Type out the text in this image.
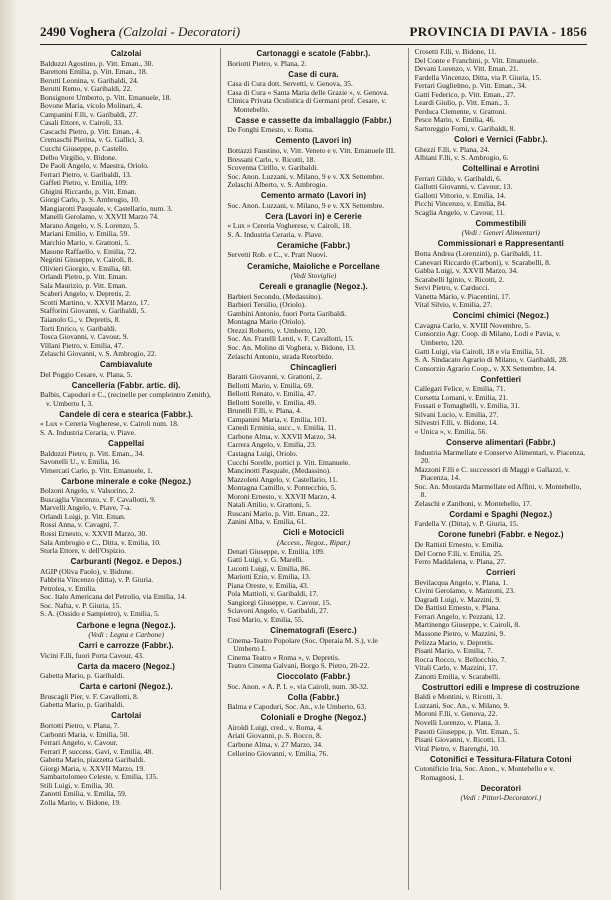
2490 Voghera (Calzolai - Decoratori)	PROVINCIA DI PAVIA - 1856
Calzolai
Balduzzi Agostino, p. Vitt. Eman., 30.
Barettoni Emilia, p. Vitt. Eman., 18.
Berutti Leonina, v. Garibaldi, 24.
Berutti Remo, v. Garibaldi, 22.
Bonsignore Umberto, p. Vitt. Emanuele, 18.
Bovone Maria, vicolo Molinari, 4.
Campanini F.lli, v. Garibaldi, 27.
Casali Ettore, v. Cairoli, 33.
Cascachi Pietro, p. Vitt. Eman., 4.
Cremaschi Pierina, v. G. Gallici, 3.
Cucchi Giuseppe, p. Castello.
Delbo Virgilio, v. Bidone.
De Paoli Angelo, v. Maestra, Oriolo.
Ferrari Pietro, v. Garibaldi, 13.
Gaffeti Pietro, v. Emilia, 109.
Ghigini Riccardo, p. Vitt. Eman.
Giorgi Carlo, p. S. Ambrogio, 10.
Mangiarotti Pasquale, v. Castellario, num. 3.
Manelli Gerolamo, v. XXVII Marzo 74.
Marano Angelo, v. S. Lorenzo, 5.
Mariani Emilio, v. Emilia, 59.
Marchio Mario, v. Grattoni, 5.
Masone Raffaello, v. Emilia, 72.
Negrini Giuseppe, v. Cairoli, 8.
Olivieri Giorgio, v. Emilia, 60.
Orlandi Pietro, p. Vitt. Eman.
Sala Maurizio, p. Vitt. Eman.
Scaberi Angelo, v. Depretis, 2.
Scotti Martino, v. XXVII Marzo, 17.
Stafforini Giovanni, v. Garibaldi, 5.
Taianolo G., v. Depretis, 8.
Torti Enrico, v. Garibaldi.
Tosca Giovanni, v. Cavour, 9.
Villani Pietro, v. Emilia, 47.
Zelaschi Giovanni, v. S. Ambrogio, 22.
Cambiavalute
Del Poggio Cesare, v. Plana, 5.
Cancelleria (Fabbr. artic. di).
Balbis, Capoduri e C., (recinelle per compleintro Zenith), v. Umberto I, 3.
Candele di cera e stearica (Fabbr.).
« Lux » Cereria Vogherese, v. Cairoli num. 18.
S. A. Industria Ceraria, v. Piave.
Cappellai
Balduzzi Pietro, p. Vitt. Eman., 34.
Savonelli U., v. Emilia, 16.
Vimercati Carlo, p. Vitt. Emanuele, 1.
Carbone minerale e coke (Negoz.)
Bolzoni Angelo, v. Valsorino, 2.
Buscaglia Vincenzo, v. F. Cavallotti, 9.
Marvelli Angelo, v. Piave, 7-a.
Orlandi Luigi, p. Vitt. Eman.
Rossi Anna, v. Cavagni, 7.
Rossi Ernesto, v. XXVII Marzo, 30.
Sala Ambrogio e C., Ditta, v. Emilia, 10.
Sturla Ettore, v. dell'Ospizio.
Carburanti (Negoz. e Depos.)
AGIP (Oliva Paolo), v. Bidone.
Fabbrita Vincenzo (ditta), v. P. Giuria.
Petrolea, v. Emilia.
Soc. Italo Americana del Petrolio, via Emilia, 14.
Soc. Nafta, v. P. Giuria, 15.
S. A. (Ossido e Sampietro), v. Emilia, 5.
Carbone e legna (Negoz.).
(Vedi : Legna e Carbone)
Carri e carrozze (Fabbr.).
Vicini F.lli, fuori Porta Cavour, 43.
Carta da macero (Negoz.)
Gabetta Mario, p. Garibaldi.
Carta e cartoni (Negoz.).
Bruscagli Pier, v. F. Cavallotti, 8.
Gabetta Mario, p. Garibaldi.
Cartolai
Bortotti Pietro, v. Plana, 7.
Carbonti Maria, v. Emilia, 50.
Ferrari Angelo, v. Cavour.
Ferrari P. success. Gavi, v. Emilia, 48.
Gabetta Mario, piazzetta Garibaldi.
Giorgi Maria, v. XXVII Marzo, 19.
Sambartolomeo Celeste, v. Emilia, 135.
Stili Luigi, v. Emilia, 30.
Zanotti Emilia, v. Emilia, 59.
Zolla Mario, v. Bidone, 19.
Cartonaggi e scatole (Fabbr.).
Boriotti Pietro, v. Plana, 2.
Case di cura.
Casa di Cura dott. Servetti, v. Genova, 35.
Casa di Cura « Santa Maria delle Grazie », v. Genova.
Clinica Privata Oculistica di Germani prof. Cesare, v. Montebello.
Casse e cassette da imballaggio (Fabbr.)
De Fonghi Ernesto, v. Roma.
Cemento (Lavori in)
Bottazzi Faustino, v. Vitt. Veneto e v. Vitt. Emanuele III.
Bressani Carlo, v. Ricotti, 18.
Scovenna Cirillo, v. Garibaldi.
Soc. Anon. Luzzani, v. Milano, 9 e v. XX Settembre.
Zelaschi Alberto, v. S. Ambrogio.
Cemento armato (Lavori in)
Soc. Anon. Luzzani, v. Milano, 9 e v. XX Settembre.
Cera (Lavori in) e Cererie
« Lux » Cereria Vogherese, v. Cairoli, 18.
S. A. Industria Ceraria, v. Piave.
Ceramiche (Fabbr.)
Servetti Rob. e C., v. Pratt Nuovi.
Ceramiche, Maioliche e Porcellane
(Vedi Stoviglie)
Cereali e granaglie (Negoz.).
Barbieri Secondo, (Medassino).
Barbieri Tersilio, (Oriolo).
Gambini Antonio, fuori Porta Garibaldi.
Montagna Mario (Oriolo).
Orezzi Roberto, v. Umberto, 120.
Soc. An. Fratelli Lenti, v. F. Cavallotti, 15.
Soc. An. Molino di Voghera, v. Bidone, 13.
Zelaschi Antonio, strada Retorbido.
Chincaglieri
Baratti Giovanni, v. Grattoni, 2.
Bellotti Mario, v. Emilia, 69.
Bellotti Renato, v. Emilia, 47.
Bellotti Sorelle, v. Emilia, 49.
Brunelli F.lli, v. Plana, 4.
Campanini Maria, v. Emilia, 101.
Canedi Erminia, succ., v. Emilia, 11.
Carbone Alma, v. XXVII Marzo, 34.
Carrera Angelo, v. Emilia, 23.
Castagna Luigi, Oriolo.
Cucchi Sorelle, portici p. Vitt. Emanuele.
Mancinotti Pasquale, (Medassino).
Mazzoleni Angelo, v. Castellario, 11.
Montagna Camillo, v. Pontecchio, 5.
Moroni Ernesto, v. XXVII Marzo, 4.
Natali Attilio, v. Grattoni, 5.
Ruscani Mario, p. Vitt. Eman., 22.
Zanini Alba, v. Emilia, 61.
Cicli e Motocicli
(Access., Negoz., Ripar.)
Denari Giuseppe, v. Emilia, 109.
Gatti Luigi, v. G. Marelli.
Lucotti Luigi, v. Emilia, 86.
Mariotti Ezio, v. Emilia, 13.
Piana Oreste, v. Emilia, 43.
Pola Mattioli, v. Garibaldi, 17.
Sangiorgi Giuseppe, v. Cavour, 15.
Sciavoni Angelo, v. Garibaldi, 27.
Tosi Mario, v. Emilia, 55.
Cinematografi (Eserc.)
Cinema-Teatro Popolare (Soc. Operaia M. S.), v.le Umberto I.
Cinema Teatro « Roma », v. Depretis.
Teatro Cinema Galvani, Borgo S. Pietro, 20-22.
Cioccolato (Fabbr.)
Soc. Anon. « A. P. I. », via Cairoli, num. 30-32.
Colla (Fabbr.)
Balma e Capoduri, Soc. An., v.le Umberto, 63.
Coloniali e Droghe (Negoz.)
Airoldi Luigi, cred., v. Roma, 4.
Ariati Giovanni, p. S. Rocco, 8.
Carbone Alma, v. 27 Marzo, 34.
Cellerino Giovanni, v. Emilia, 76.
Crosetti F.lli, v. Bidone, 11.
Del Conte e Franchini, p. Vitt. Emanuele.
Devani Lorenzo, v. Vitt. Eman. 21.
Fardella Vincenzo, Ditta, via P. Giuria, 15.
Ferrari Guglielmo, p. Vitt. Eman., 34.
Gatti Federico, p. Vitt. Eman., 27.
Leardi Giulio, p. Vitt. Eman., 3.
Perduca Clemente, v. Grattoni.
Pesce Mario, v. Emilia, 46.
Sartoreggio Forni, v. Garibaldi, 8.
Colori e Vernici (Fabbr.).
Ghezzi F.lli, v. Plana, 24.
Albiani F.lli, v. S. Ambrogio, 6.
Coltellinai e Arrotini
Ferrari Gildo, v. Garibaldi, 6.
Gallotti Giovanni, v. Cavour, 13.
Gallotti Vittorio, v. Emilia, 14.
Picchi Vincenzo, v. Emilia, 84.
Scaglia Angelo, v. Cavour, 11.
Commestibili
(Vedi : Generi Alimentari)
Commissionari e Rappresentanti
Botta Andrea (Lorenzini), p. Garibaldi, 11.
Canevari Riccardo (Carboni), v. Scarabelli, 8.
Gabba Luigi, v. XXVII Marzo, 34.
Scarabelli Iginio, v. Ricotti, 2.
Servi Pietro, v. Carducci.
Vanetta Mario, v. Piacentini, 17.
Vital Silvio, v. Emilia, 27.
Concimi chimici (Negoz.)
Cavagna Carlo, v. XVIII Novembre, 5.
Consorzio Agr. Coop. di Milano, Lodi e Pavia, v. Umberto, 120.
Gatti Luigi, via Cairoli, 18 e via Emilia, 51.
S. A. Sindacato Agrario di Milano, v. Garibaldi, 28.
Consorzio Agrario Coop., v. XX Settembre, 14.
Confettieri
Callegari Felice, v. Emilia, 71.
Corsetta Lomani, v. Emilia, 21.
Fossati e Tomaghelli, v. Emilia, 31.
Silvani Lucio, v. Emilia, 27.
Silvestri F.lli, v. Bidone, 14.
« Unica », v. Emilia, 56.
Conserve alimentari (Fabbr.)
Industria Marmellate e Conserve Alimentari, v. Piacenza, 20.
Mazzoni F.lli e C. successori di Maggi e Gallazzi, v. Piacenza, 14.
Soc. An. Mostarda Marmellate ed Affini, v. Montebello, 8.
Zelaschi e Zaniboni, v. Montebello, 17.
Cordami e Spaghi (Negoz.)
Fardella V. (Ditta), v. P. Giuria, 15.
Corone funebri (Fabbr. e Negoz.)
De Rattisti Ernesto, v. Emilia.
Del Corno F.lli, v. Emilia, 25.
Ferro Maddalena, v. Plana, 27.
Corrieri
Bevilacqua Angelo, v. Plana, 1.
Civini Gerolamo, v. Manzoni, 23.
Dagradi Luigi, v. Mazzini, 9.
De Battisti Ernesto, v. Plana.
Ferrari Angelo, v. Pezzani, 12.
Martinengo Giuseppe, v. Cairoli, 8.
Massone Pietro, v. Mazzini, 9.
Pelizza Mario, v. Depretis.
Pisani Mario, v. Emilia, 7.
Rocca Rocco, v. Bellocchio, 7.
Vitali Carlo, v. Mazzini, 17.
Zanotti Emilia, v. Scarabelli.
Costruttori edili e Imprese di costruzione
Baldi e Montini, v. Ricotti, 3.
Luzzani, Soc. An., v. Milano, 9.
Moroni F.lli, v. Genova, 22.
Novelli Lorenzo, v. Plana, 3.
Pasotti Giuseppe, p. Vitt. Eman., 5.
Pisani Giovanni, v. Ricotti, 13.
Vital Pietro, v. Barenghi, 10.
Cotonifici e Tessitura-Filatura Cotoni
Cotonificio Iria, Soc. Anon., v. Montebello e v. Romagnosi, 1.
Decoratori
(Vedi : Pittori-Decoratori.)
